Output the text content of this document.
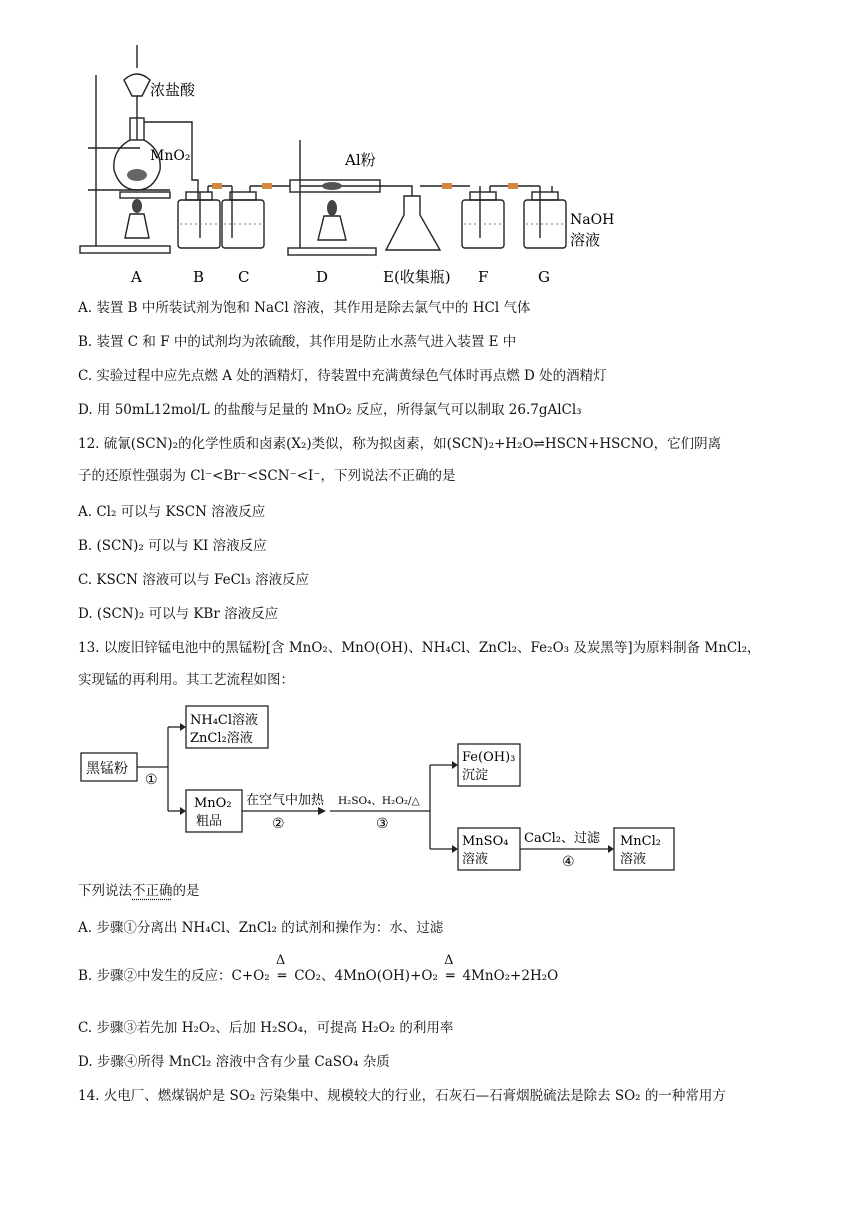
浓盐酸
MnO₂	Al粉
NaOH
溶液
A	B C	D	E(收集瓶) F	G
A. 装置 B 中所装试剂为饱和 NaCl 溶液，其作用是除去氯气中的 HCl 气体
B. 装置 C 和 F 中的试剂均为浓硫酸，其作用是防止水蒸气进入装置 E 中
C. 实验过程中应先点燃 A 处的酒精灯，待装置中充满黄绿色气体时再点燃 D 处的酒精灯
D. 用 50mL12mol/L 的盐酸与足量的 MnO₂ 反应，所得氯气可以制取 26.7gAlCl₃
12. 硫氰(SCN)₂的化学性质和卤素(X₂)类似，称为拟卤素，如(SCN)₂+H₂O⇌HSCN+HSCNO，它们阴离
子的还原性强弱为 Cl⁻<Br⁻<SCN⁻<I⁻，下列说法不正确的是
A. Cl₂ 可以与 KSCN 溶液反应
B. (SCN)₂ 可以与 KI 溶液反应
C. KSCN 溶液可以与 FeCl₃ 溶液反应
D. (SCN)₂ 可以与 KBr 溶液反应
13. 以废旧锌锰电池中的黑锰粉[含 MnO₂、MnO(OH)、NH₄Cl、ZnCl₂、Fe₂O₃ 及炭黑等]为原料制备 MnCl₂，
实现锰的再利用。其工艺流程如图：
黑锰粉
①
NH₄Cl溶液
ZnCl₂溶液
MnO₂
粗品
在空气中加热
②
H₂SO₄、H₂O₂/△
③
Fe(OH)₃
沉淀
MnSO₄
溶液
CaCl₂、过滤
④
MnCl₂
溶液
下列说法不正确的是
A. 步骤①分离出 NH₄Cl、ZnCl₂ 的试剂和操作为：水、过滤
B. 步骤②中发生的反应：C+O₂
Δ
═ CO₂、4MnO(OH)+O₂
Δ
═ 4MnO₂+2H₂O
C. 步骤③若先加 H₂O₂、后加 H₂SO₄，可提高 H₂O₂ 的利用率
D. 步骤④所得 MnCl₂ 溶液中含有少量 CaSO₄ 杂质
14. 火电厂、燃煤锅炉是 SO₂ 污染集中、规模较大的行业，石灰石—石膏烟脱硫法是除去 SO₂ 的一种常用方
